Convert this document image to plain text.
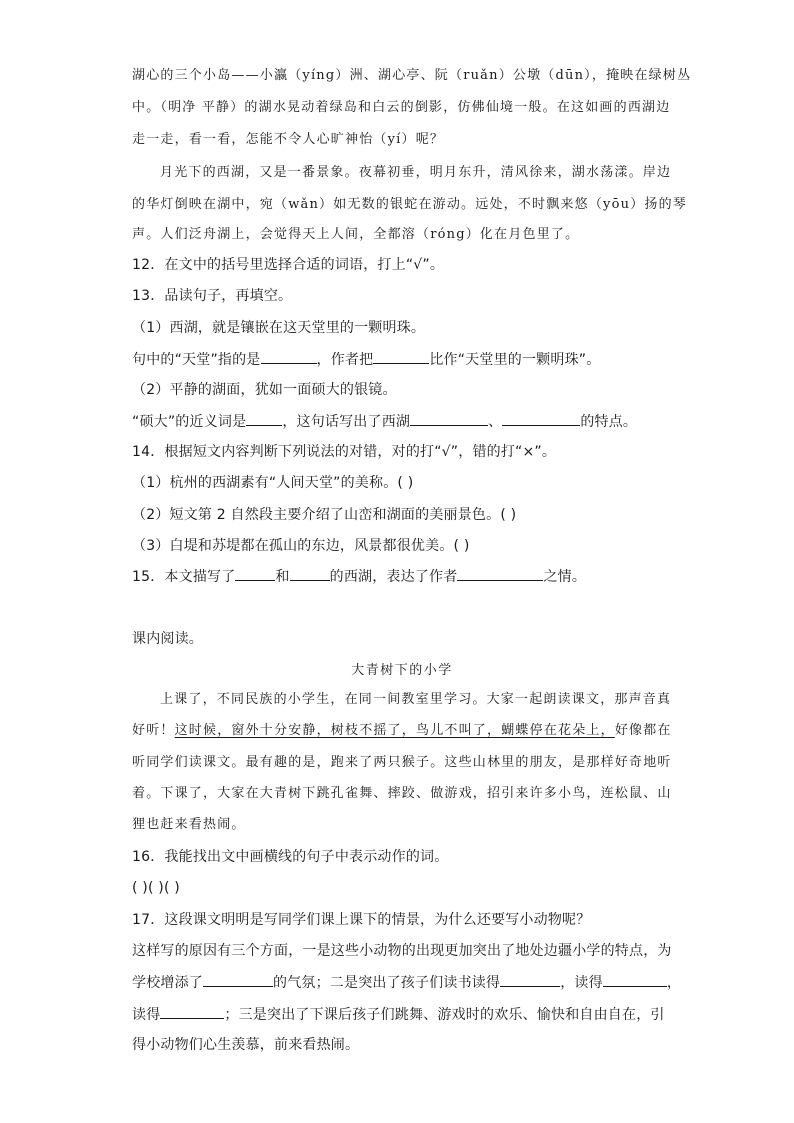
湖心的三个小岛——小瀛（yíng）洲、湖心亭、阮（ruǎn）公墩（dūn），掩映在绿树丛
中。（明净 平静）的湖水晃动着绿岛和白云的倒影，仿佛仙境一般。在这如画的西湖边
走一走，看一看，怎能不令人心旷神怡（yí）呢？
月光下的西湖，又是一番景象。夜幕初垂，明月东升，清风徐来，湖水荡漾。岸边
的华灯倒映在湖中，宛（wǎn）如无数的银蛇在游动。远处，不时飘来悠（yōu）扬的琴
声。人们泛舟湖上，会觉得天上人间，全都溶（róng）化在月色里了。
12．在文中的括号里选择合适的词语，打上“√”。
13．品读句子，再填空。
（1）西湖，就是镶嵌在这天堂里的一颗明珠。
句中的“天堂”指的是	，作者把	比作“天堂里的一颗明珠”。
（2）平静的湖面，犹如一面硕大的银镜。
“硕大”的近义词是	，这句话写出了西湖	、	的特点。
14．根据短文内容判断下列说法的对错，对的打“√”，错的打“×”。
（1）杭州的西湖素有“人间天堂”的美称。( )
（2）短文第 2 自然段主要介绍了山峦和湖面的美丽景色。( )
（3）白堤和苏堤都在孤山的东边，风景都很优美。( )
15．本文描写了	和	的西湖，表达了作者	之情。
课内阅读。
大青树下的小学
上课了，不同民族的小学生，在同一间教室里学习。大家一起朗读课文，那声音真
好听！这时候，窗外十分安静，树枝不摇了，鸟儿不叫了，蝴蝶停在花朵上，好像都在
听同学们读课文。最有趣的是，跑来了两只猴子。这些山林里的朋友，是那样好奇地听
着。下课了，大家在大青树下跳孔雀舞、摔跤、做游戏，招引来许多小鸟，连松鼠、山
狸也赶来看热闹。
16．我能找出文中画横线的句子中表示动作的词。
( )( )( )
17．这段课文明明是写同学们课上课下的情景，为什么还要写小动物呢？
这样写的原因有三个方面，一是这些小动物的出现更加突出了地处边疆小学的特点，为
学校增添了	的气氛；二是突出了孩子们读书读得	，读得	，
读得	；三是突出了下课后孩子们跳舞、游戏时的欢乐、愉快和自由自在，引
得小动物们心生羡慕，前来看热闹。
